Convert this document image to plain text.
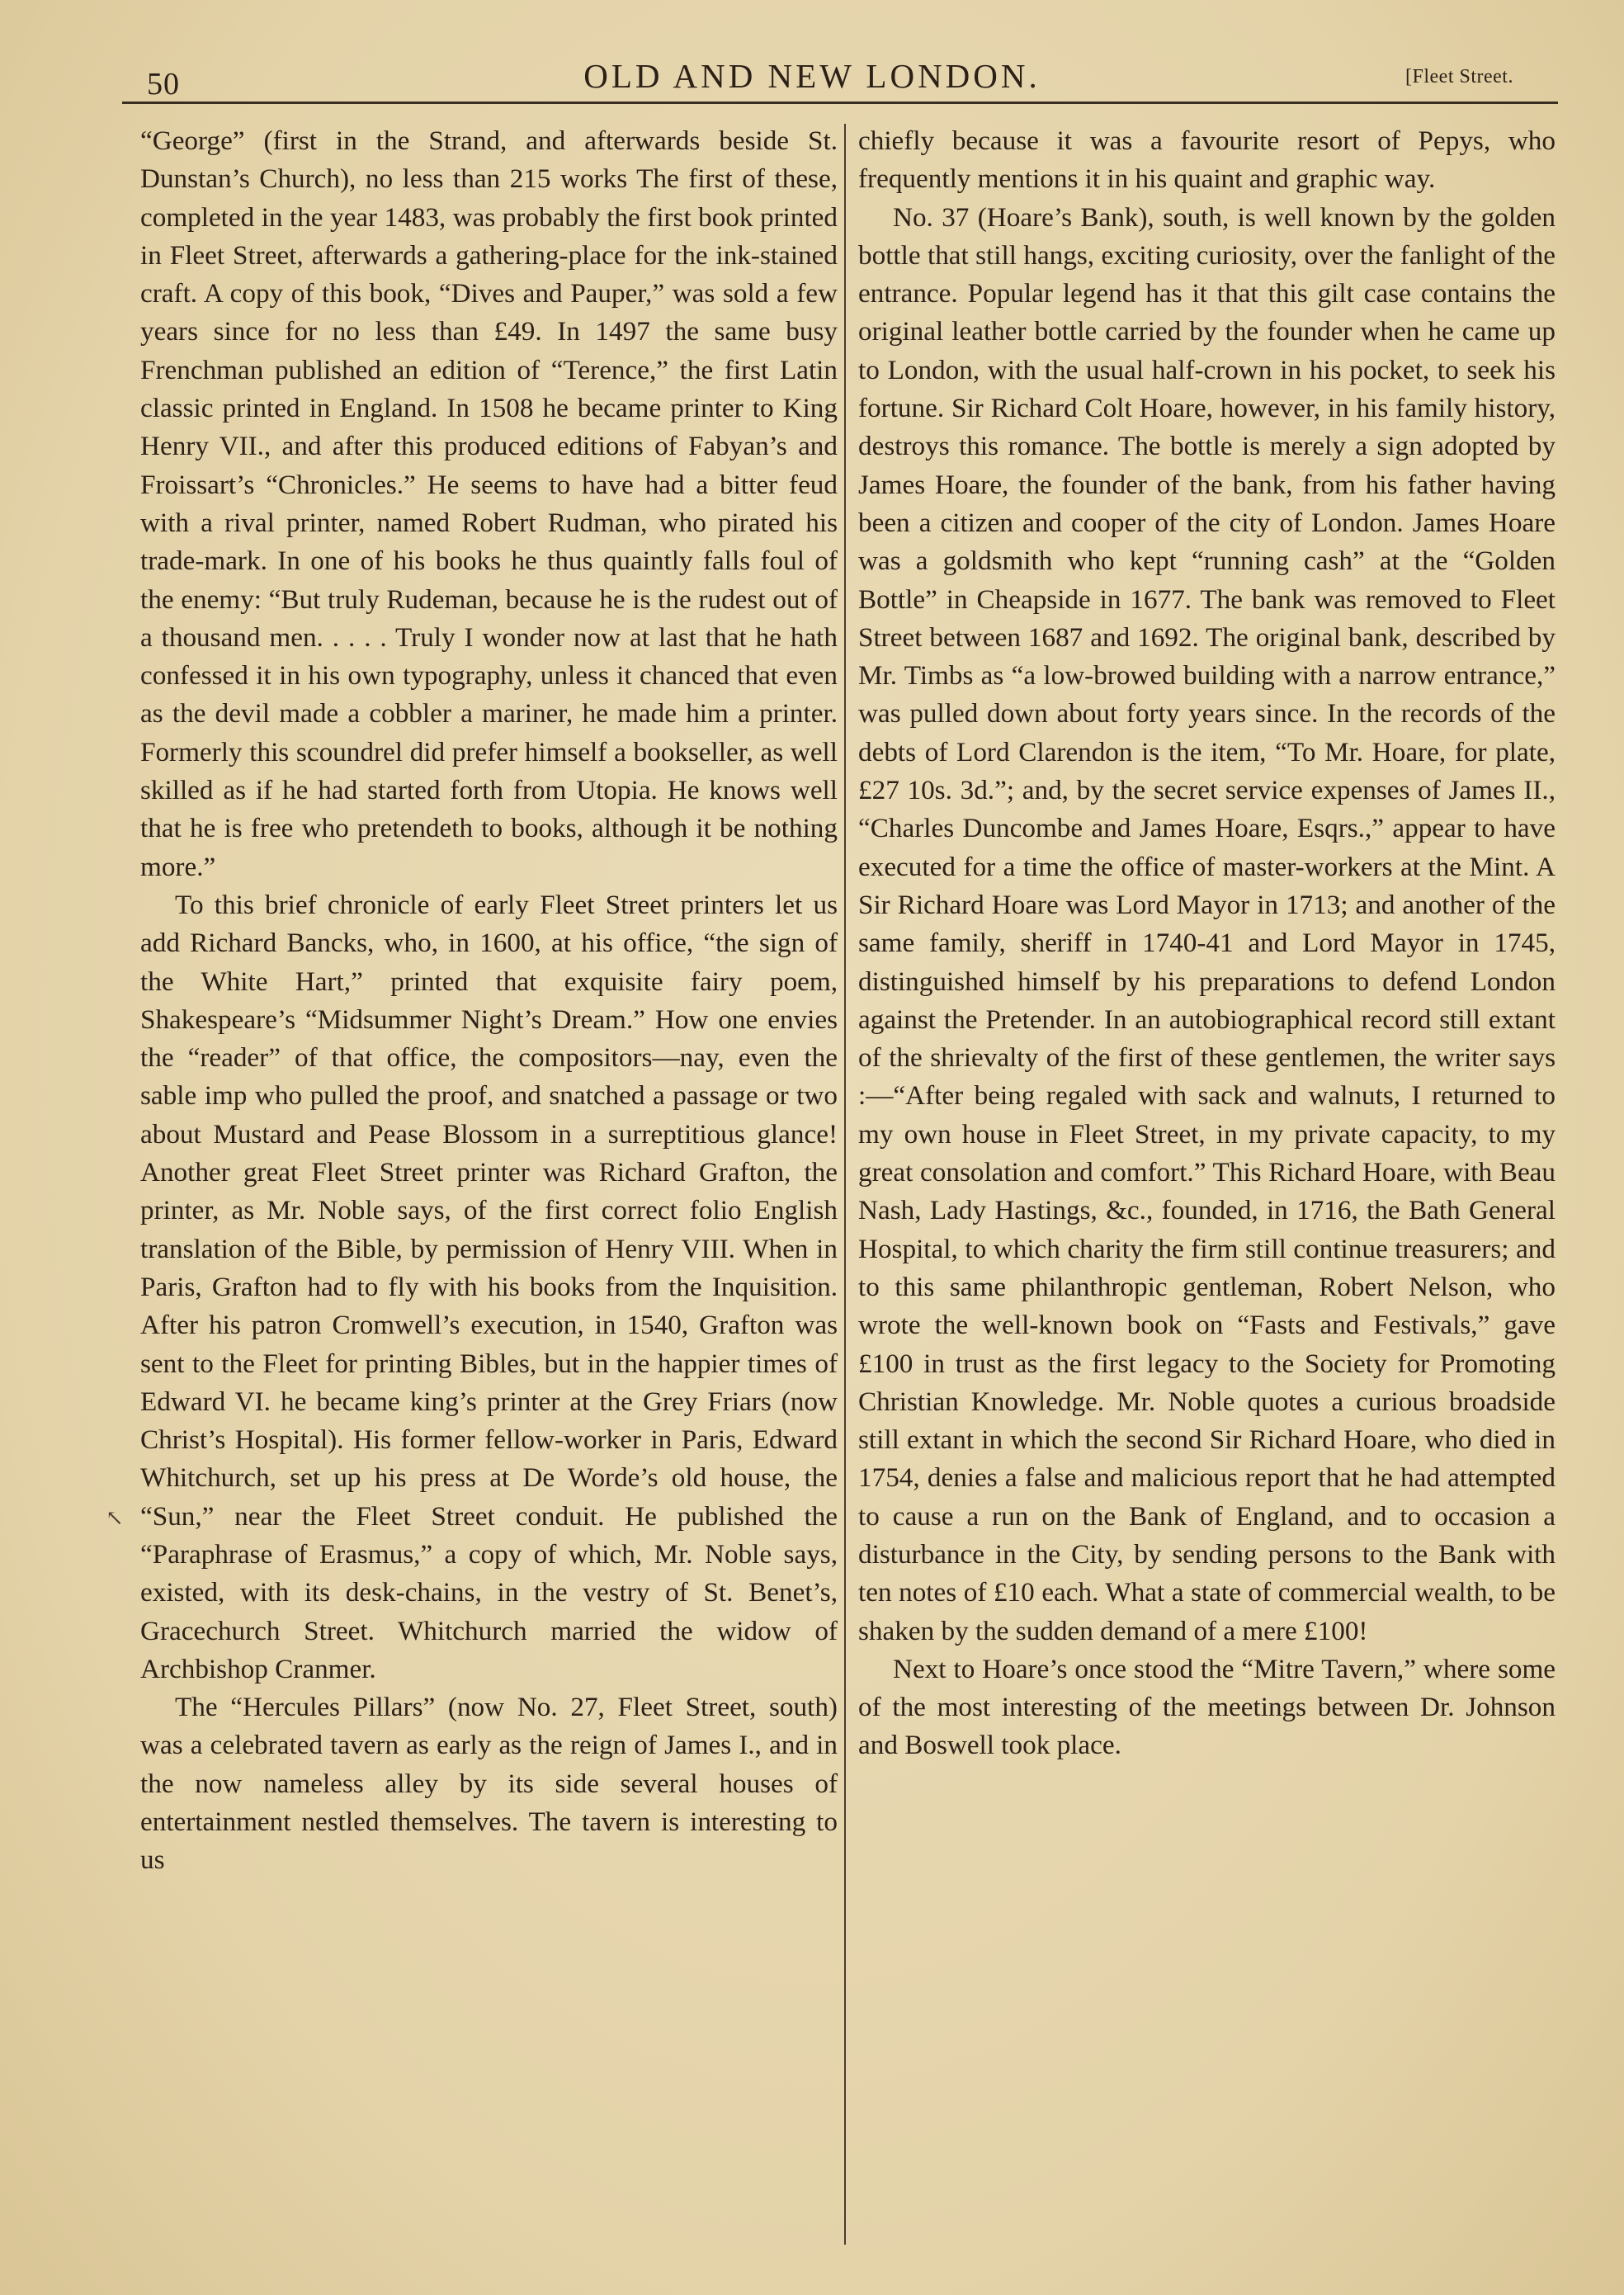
50	OLD AND NEW LONDON.	[Fleet Street.

“George” (first in the Strand, and afterwards beside St. Dunstan’s Church), no less than 215 works The first of these, completed in the year 1483, was probably the first book printed in Fleet Street, afterwards a gathering-place for the ink-stained craft. A copy of this book, “Dives and Pauper,” was sold a few years since for no less than £49. In 1497 the same busy Frenchman published an edition of “Terence,” the first Latin classic printed in England. In 1508 he became printer to King Henry VII., and after this produced editions of Fabyan’s and Froissart’s “Chronicles.” He seems to have had a bitter feud with a rival printer, named Robert Rudman, who pirated his trade-mark. In one of his books he thus quaintly falls foul of the enemy: “But truly Rudeman, because he is the rudest out of a thousand men. . . . . Truly I wonder now at last that he hath confessed it in his own typography, unless it chanced that even as the devil made a cobbler a mariner, he made him a printer. Formerly this scoundrel did prefer himself a bookseller, as well skilled as if he had started forth from Utopia. He knows well that he is free who pretendeth to books, although it be nothing more.”

To this brief chronicle of early Fleet Street printers let us add Richard Bancks, who, in 1600, at his office, “the sign of the White Hart,” printed that exquisite fairy poem, Shakespeare’s “Midsummer Night’s Dream.” How one envies the “reader” of that office, the compositors—nay, even the sable imp who pulled the proof, and snatched a passage or two about Mustard and Pease Blossom in a surreptitious glance! Another great Fleet Street printer was Richard Grafton, the printer, as Mr. Noble says, of the first correct folio English translation of the Bible, by permission of Henry VIII. When in Paris, Grafton had to fly with his books from the Inquisition. After his patron Cromwell’s execution, in 1540, Grafton was sent to the Fleet for printing Bibles, but in the happier times of Edward VI. he became king’s printer at the Grey Friars (now Christ’s Hospital). His former fellow-worker in Paris, Edward Whitchurch, set up his press at De Worde’s old house, the “Sun,” near the Fleet Street conduit. He published the “Paraphrase of Erasmus,” a copy of which, Mr. Noble says, existed, with its desk-chains, in the vestry of St. Benet’s, Gracechurch Street. Whitchurch married the widow of Archbishop Cranmer.

The “Hercules Pillars” (now No. 27, Fleet Street, south) was a celebrated tavern as early as the reign of James I., and in the now nameless alley by its side several houses of entertainment nestled themselves. The tavern is interesting to us

chiefly because it was a favourite resort of Pepys, who frequently mentions it in his quaint and graphic way.

No. 37 (Hoare’s Bank), south, is well known by the golden bottle that still hangs, exciting curiosity, over the fanlight of the entrance. Popular legend has it that this gilt case contains the original leather bottle carried by the founder when he came up to London, with the usual half-crown in his pocket, to seek his fortune. Sir Richard Colt Hoare, however, in his family history, destroys this romance. The bottle is merely a sign adopted by James Hoare, the founder of the bank, from his father having been a citizen and cooper of the city of London. James Hoare was a goldsmith who kept “running cash” at the “Golden Bottle” in Cheapside in 1677. The bank was removed to Fleet Street between 1687 and 1692. The original bank, described by Mr. Timbs as “a low-browed building with a narrow entrance,” was pulled down about forty years since. In the records of the debts of Lord Clarendon is the item, “To Mr. Hoare, for plate, £27 10s. 3d.”; and, by the secret service expenses of James II., “Charles Duncombe and James Hoare, Esqrs.,” appear to have executed for a time the office of master-workers at the Mint. A Sir Richard Hoare was Lord Mayor in 1713; and another of the same family, sheriff in 1740-41 and Lord Mayor in 1745, distinguished himself by his preparations to defend London against the Pretender. In an autobiographical record still extant of the shrievalty of the first of these gentlemen, the writer says :—“After being regaled with sack and walnuts, I returned to my own house in Fleet Street, in my private capacity, to my great consolation and comfort.” This Richard Hoare, with Beau Nash, Lady Hastings, &c., founded, in 1716, the Bath General Hospital, to which charity the firm still continue treasurers; and to this same philanthropic gentleman, Robert Nelson, who wrote the well-known book on “Fasts and Festivals,” gave £100 in trust as the first legacy to the Society for Promoting Christian Knowledge. Mr. Noble quotes a curious broadside still extant in which the second Sir Richard Hoare, who died in 1754, denies a false and malicious report that he had attempted to cause a run on the Bank of England, and to occasion a disturbance in the City, by sending persons to the Bank with ten notes of £10 each. What a state of commercial wealth, to be shaken by the sudden demand of a mere £100!

Next to Hoare’s once stood the “Mitre Tavern,” where some of the most interesting of the meetings between Dr. Johnson and Boswell took place.

↖
